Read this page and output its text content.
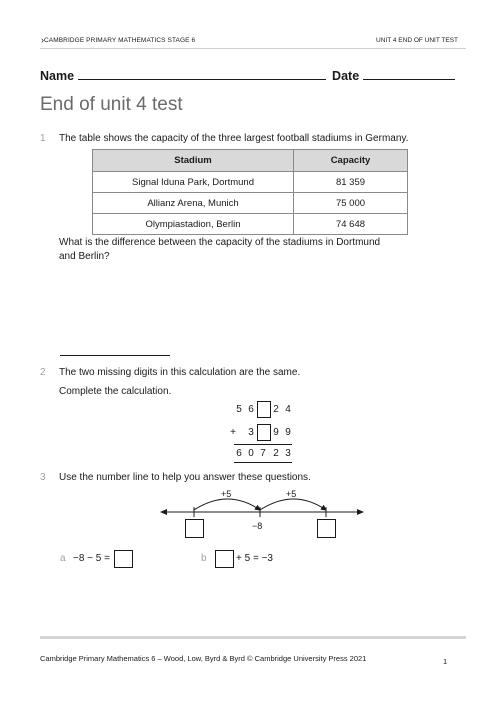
› CAMBRIDGE PRIMARY MATHEMATICS STAGE 6	UNIT 4 END OF UNIT TEST
Name	Date
End of unit 4 test
1 The table shows the capacity of the three largest football stadiums in Germany.
Stadium	Capacity
Signal Iduna Park, Dortmund	81 359
Allianz Arena, Munich	75 000
Olympiastadion, Berlin	74 648
What is the difference between the capacity of the stadiums in Dortmund
and Berlin?
2 The two missing digits in this calculation are the same.
Complete the calculation.
5 6 2 4
+ 3 9 9
6 0 7 2 3
3 Use the number line to help you answer these questions.
+5	+5
−8
a −8 − 5 =	b	+ 5 = −3
Cambridge Primary Mathematics 6 – Wood, Low, Byrd & Byrd © Cambridge University Press 2021	1
